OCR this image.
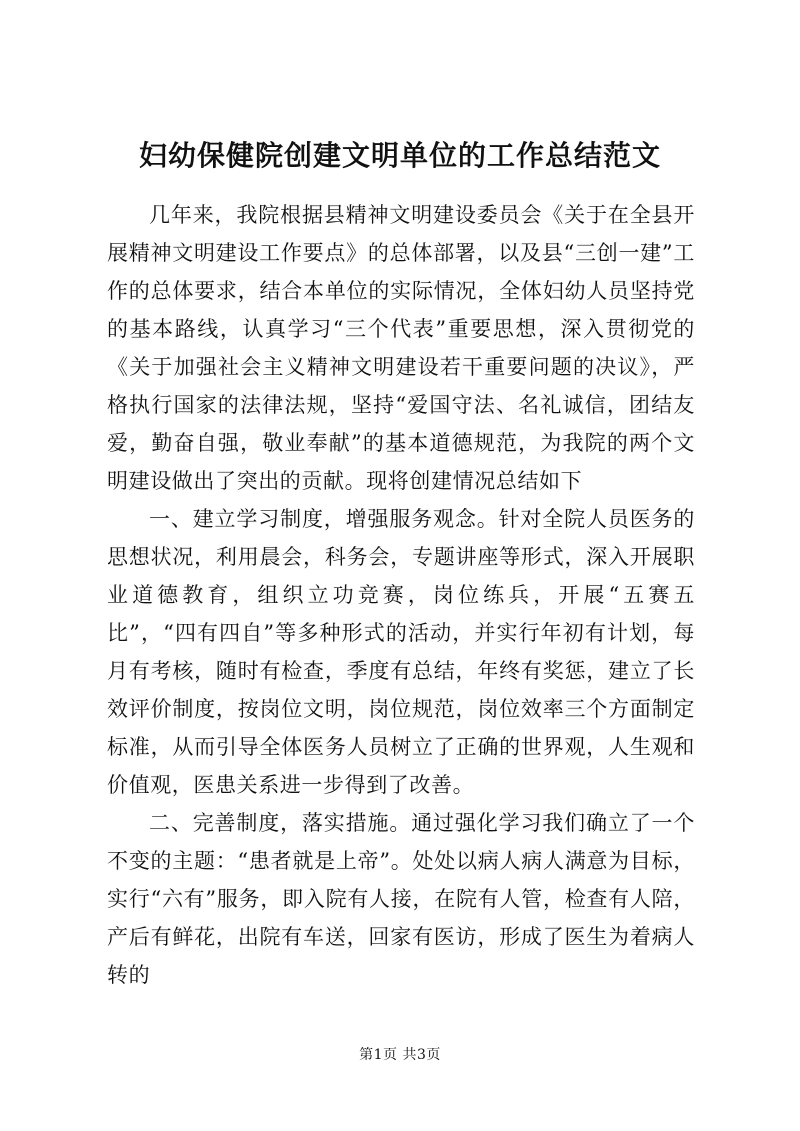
妇幼保健院创建文明单位的工作总结范文

几年来，我院根据县精神文明建设委员会《关于在全县开展精神文明建设工作要点》的总体部署，以及县“三创一建”工作的总体要求，结合本单位的实际情况，全体妇幼人员坚持党的基本路线，认真学习“三个代表”重要思想，深入贯彻党的《关于加强社会主义精神文明建设若干重要问题的决议》，严格执行国家的法律法规，坚持“爱国守法、名礼诚信，团结友爱，勤奋自强，敬业奉献”的基本道德规范，为我院的两个文明建设做出了突出的贡献。现将创建情况总结如下

一、建立学习制度，增强服务观念。针对全院人员医务的思想状况，利用晨会，科务会，专题讲座等形式，深入开展职业道德教育，组织立功竞赛，岗位练兵，开展“五赛五比”，“四有四自”等多种形式的活动，并实行年初有计划，每月有考核，随时有检查，季度有总结，年终有奖惩，建立了长效评价制度，按岗位文明，岗位规范，岗位效率三个方面制定标准，从而引导全体医务人员树立了正确的世界观，人生观和价值观，医患关系进一步得到了改善。

二、完善制度，落实措施。通过强化学习我们确立了一个不变的主题：“患者就是上帝”。处处以病人病人满意为目标，实行“六有”服务，即入院有人接，在院有人管，检查有人陪，产后有鲜花，出院有车送，回家有医访，形成了医生为着病人转的

第1页 共3页
